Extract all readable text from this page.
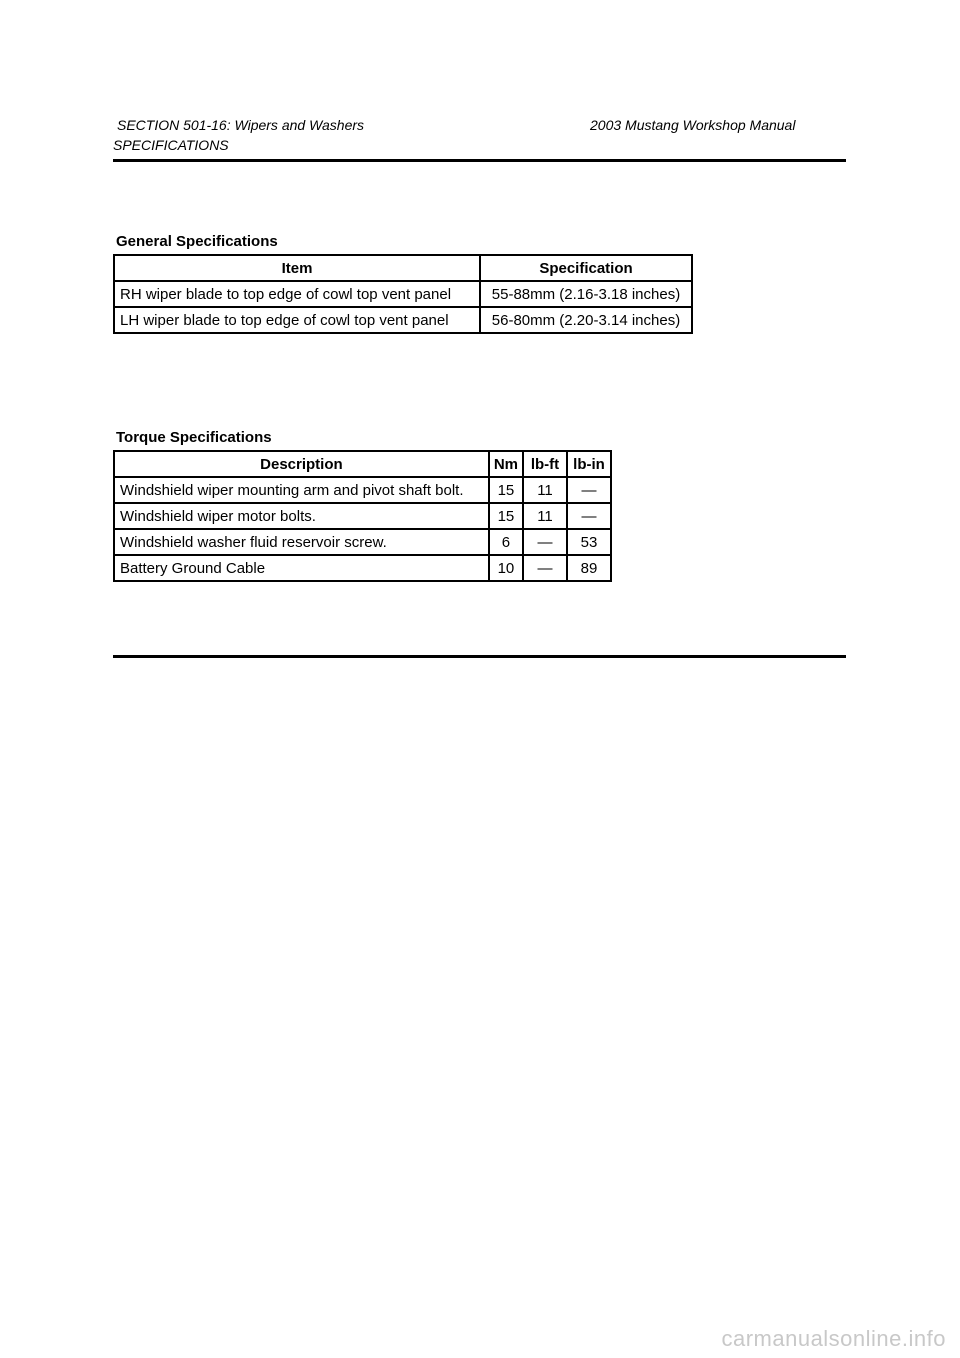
SECTION 501-16: Wipers and Washers	2003 Mustang Workshop Manual
SPECIFICATIONS
General Specifications
Item	Specification
RH wiper blade to top edge of cowl top vent panel	55-88mm (2.16-3.18 inches)
LH wiper blade to top edge of cowl top vent panel	56-80mm (2.20-3.14 inches)
Torque Specifications
Description	Nm	lb-ft	lb-in
Windshield wiper mounting arm and pivot shaft bolt.	15	11	—
Windshield wiper motor bolts.	15	11	—
Windshield washer fluid reservoir screw.	6	—	53
Battery Ground Cable	10	—	89
carmanualsonline.info
